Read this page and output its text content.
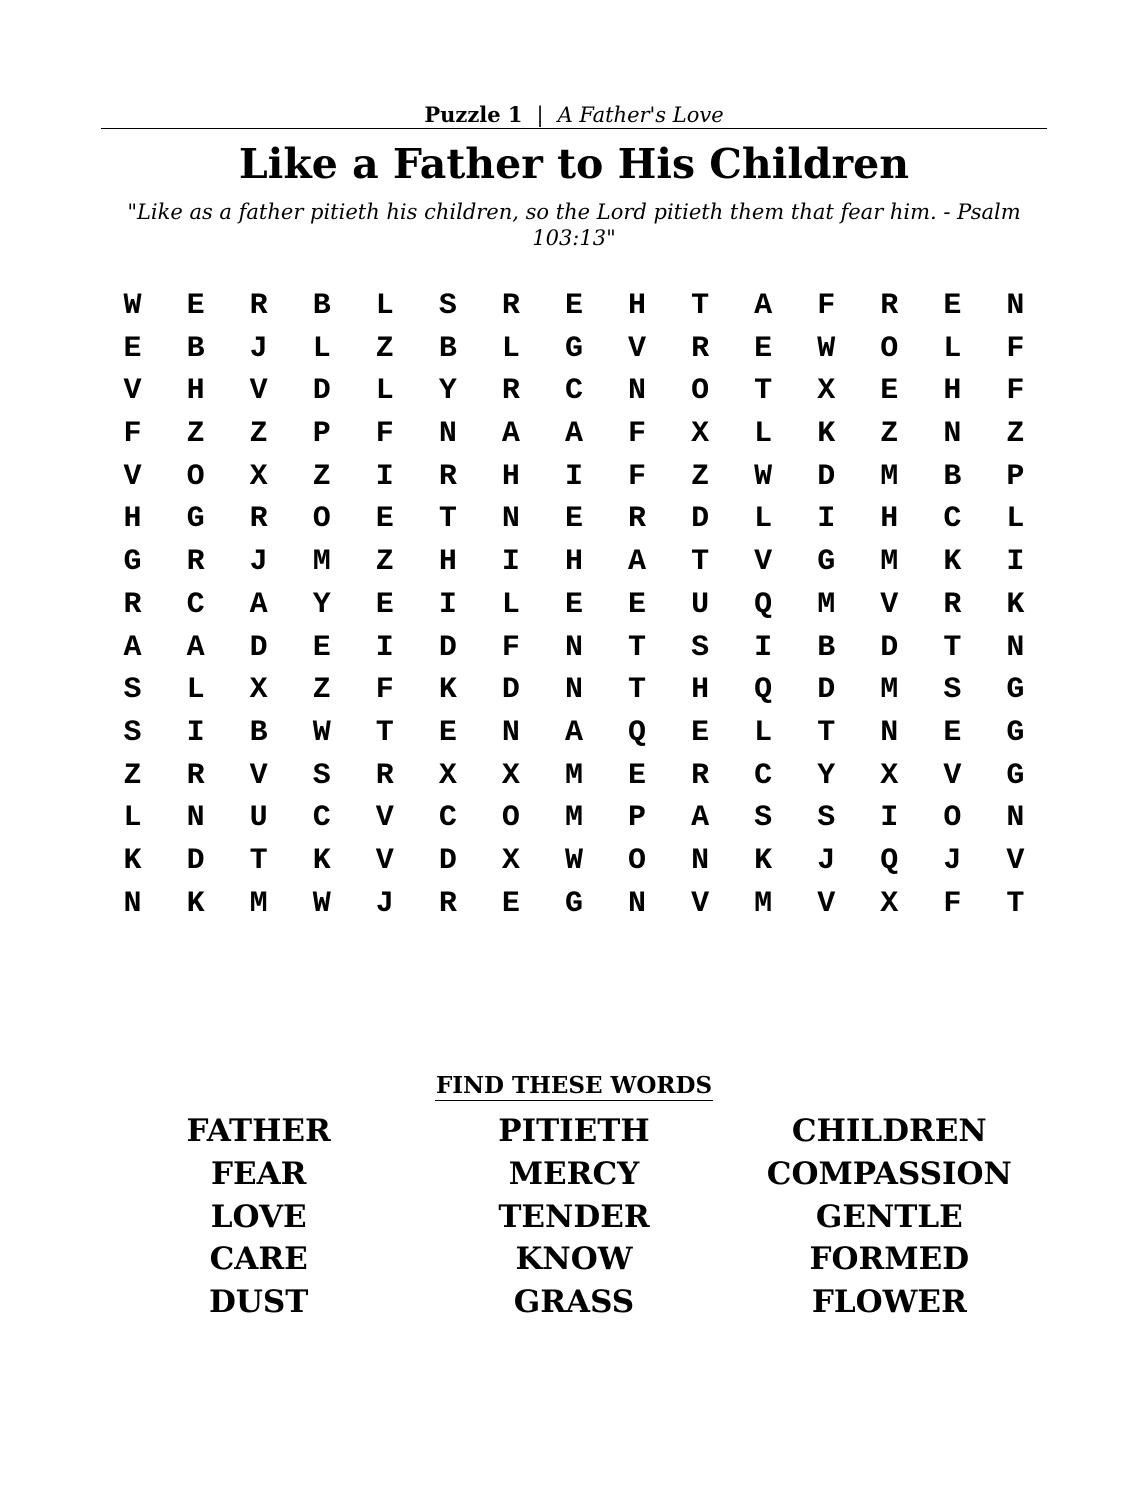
Puzzle 1 | A Father's Love
Like a Father to His Children
"Like as a father pitieth his children, so the Lord pitieth them that fear him. - Psalm 103:13"
W	E	R	B	L	S	R	E	H	T	A	F	R	E	N
E	B	J	L	Z	B	L	G	V	R	E	W	O	L	F
V	H	V	D	L	Y	R	C	N	O	T	X	E	H	F
F	Z	Z	P	F	N	A	A	F	X	L	K	Z	N	Z
V	O	X	Z	I	R	H	I	F	Z	W	D	M	B	P
H	G	R	O	E	T	N	E	R	D	L	I	H	C	L
G	R	J	M	Z	H	I	H	A	T	V	G	M	K	I
R	C	A	Y	E	I	L	E	E	U	Q	M	V	R	K
A	A	D	E	I	D	F	N	T	S	I	B	D	T	N
S	L	X	Z	F	K	D	N	T	H	Q	D	M	S	G
S	I	B	W	T	E	N	A	Q	E	L	T	N	E	G
Z	R	V	S	R	X	X	M	E	R	C	Y	X	V	G
L	N	U	C	V	C	O	M	P	A	S	S	I	O	N
K	D	T	K	V	D	X	W	O	N	K	J	Q	J	V
N	K	M	W	J	R	E	G	N	V	M	V	X	F	T
FIND THESE WORDS
FATHER	PITIETH	CHILDREN
FEAR	MERCY	COMPASSION
LOVE	TENDER	GENTLE
CARE	KNOW	FORMED
DUST	GRASS	FLOWER
